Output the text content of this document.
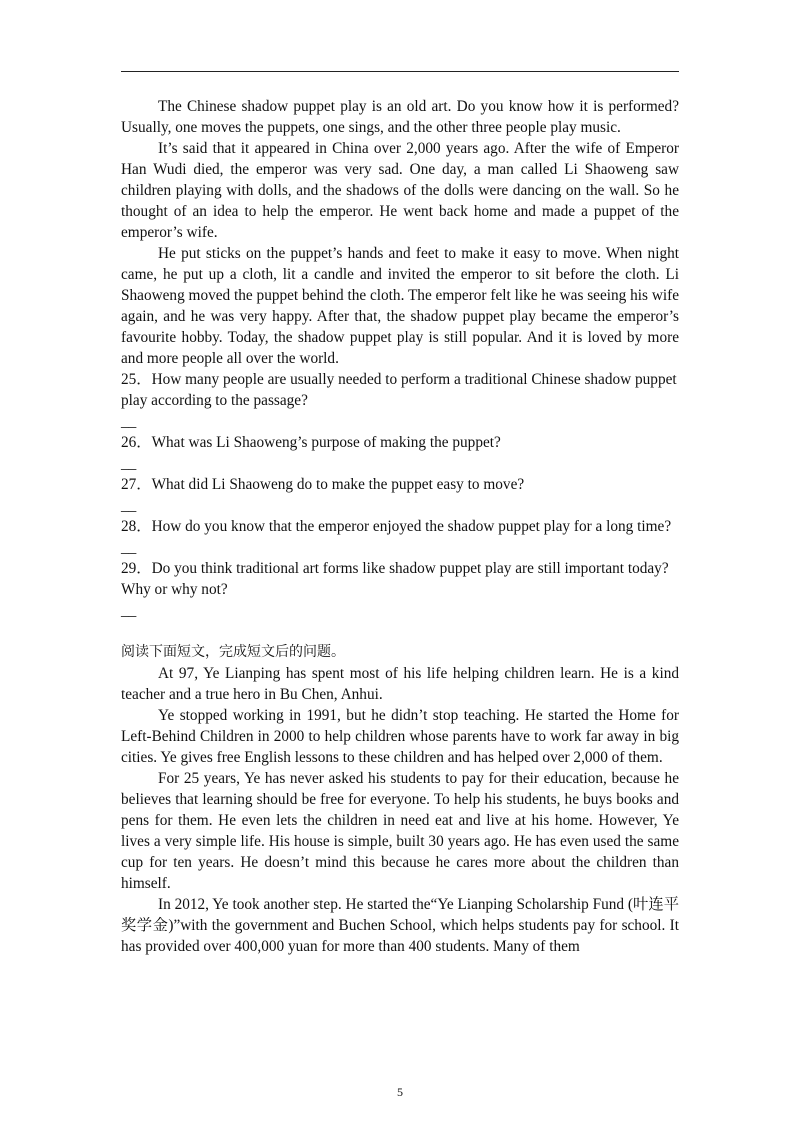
The Chinese shadow puppet play is an old art. Do you know how it is performed? Usually, one moves the puppets, one sings, and the other three people play music.

It’s said that it appeared in China over 2,000 years ago. After the wife of Emperor Han Wudi died, the emperor was very sad. One day, a man called Li Shaoweng saw children playing with dolls, and the shadows of the dolls were dancing on the wall. So he thought of an idea to help the emperor. He went back home and made a puppet of the emperor’s wife.

He put sticks on the puppet’s hands and feet to make it easy to move. When night came, he put up a cloth, lit a candle and invited the emperor to sit before the cloth. Li Shaoweng moved the puppet behind the cloth. The emperor felt like he was seeing his wife again, and he was very happy. After that, the shadow puppet play became the emperor’s favourite hobby. Today, the shadow puppet play is still popular. And it is loved by more and more people all over the world.

25．How many people are usually needed to perform a traditional Chinese shadow puppet play according to the passage?

__

26．What was Li Shaoweng’s purpose of making the puppet?

__

27．What did Li Shaoweng do to make the puppet easy to move?

__

28．How do you know that the emperor enjoyed the shadow puppet play for a long time?

__

29．Do you think traditional art forms like shadow puppet play are still important today? Why or why not?

__

阅读下面短文，完成短文后的问题。

At 97, Ye Lianping has spent most of his life helping children learn. He is a kind teacher and a true hero in Bu Chen, Anhui.

Ye stopped working in 1991, but he didn’t stop teaching. He started the Home for Left-Behind Children in 2000 to help children whose parents have to work far away in big cities. Ye gives free English lessons to these children and has helped over 2,000 of them.

For 25 years, Ye has never asked his students to pay for their education, because he believes that learning should be free for everyone. To help his students, he buys books and pens for them. He even lets the children in need eat and live at his home. However, Ye lives a very simple life. His house is simple, built 30 years ago. He has even used the same cup for ten years. He doesn’t mind this because he cares more about the children than himself.

In 2012, Ye took another step. He started the“Ye Lianping Scholarship Fund (叶连平奖学金)”with the government and Buchen School, which helps students pay for school. It has provided over 400,000 yuan for more than 400 students. Many of them

5
